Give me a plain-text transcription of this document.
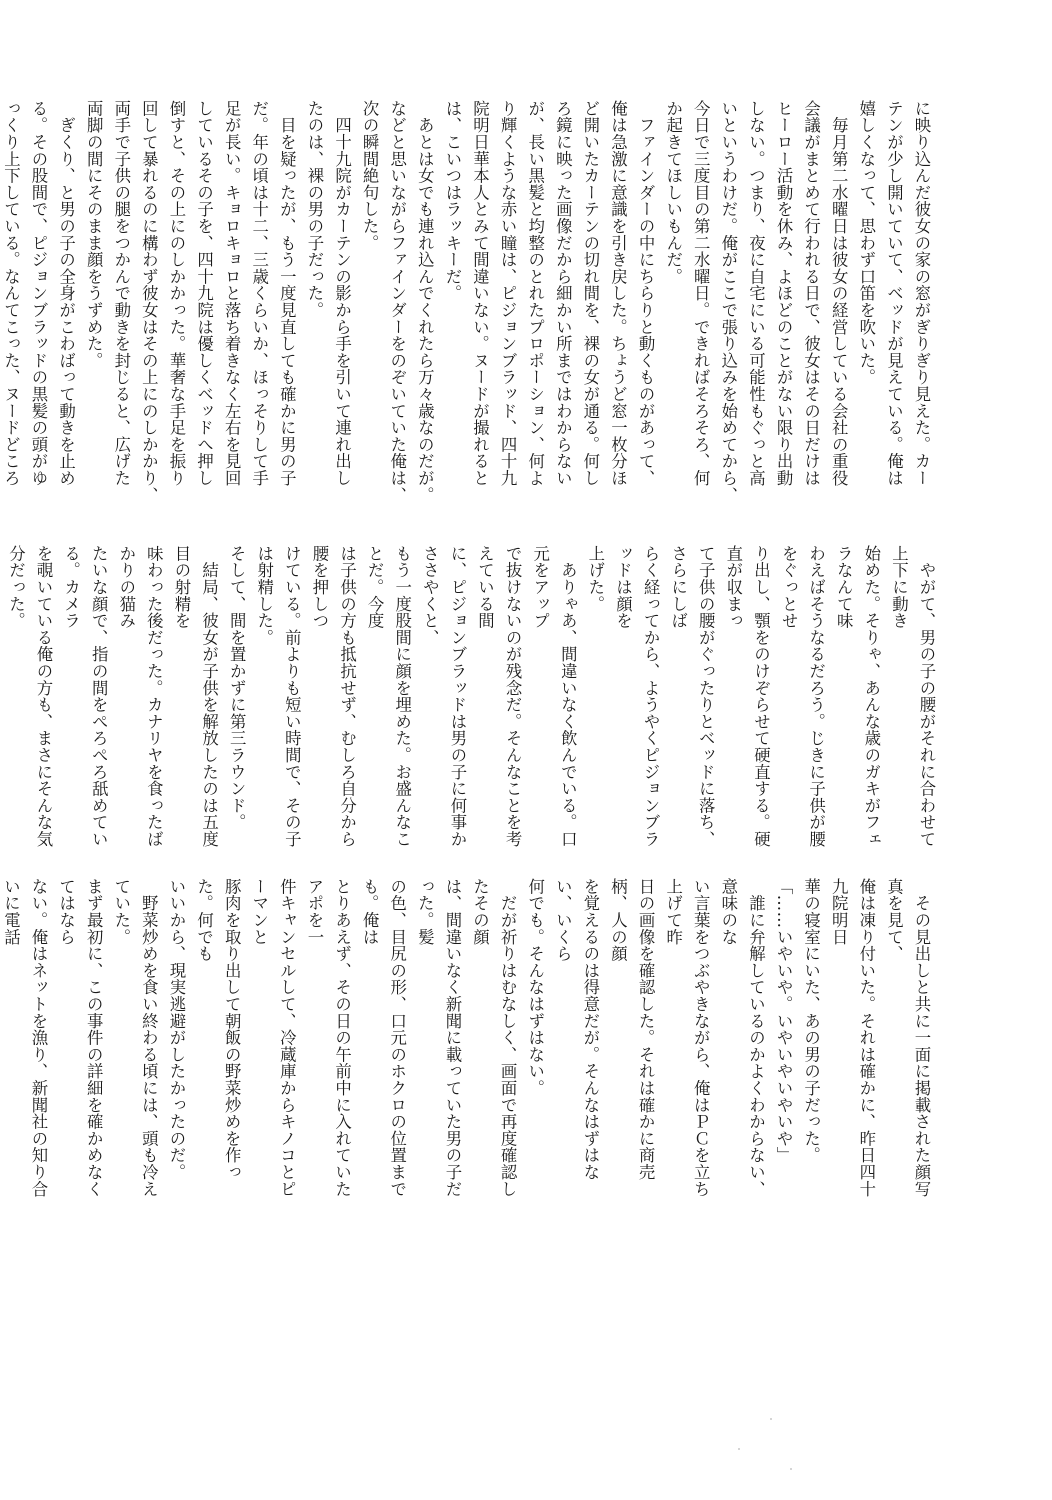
に映り込んだ彼女の家の窓がぎりぎり見えた。カー

テンが少し開いていて、ベッドが見えている。俺は

嬉しくなって、思わず口笛を吹いた。

　毎月第二水曜日は彼女の経営している会社の重役

会議がまとめて行われる日で、彼女はその日だけは

ヒーロー活動を休み、よほどのことがない限り出動

しない。つまり、夜に自宅にいる可能性もぐっと高

いというわけだ。俺がここで張り込みを始めてから、

今日で三度目の第二水曜日。できればそろそろ、何

か起きてほしいもんだ。

　ファインダーの中にちらりと動くものがあって、

俺は急激に意識を引き戻した。ちょうど窓一枚分ほ

ど開いたカーテンの切れ間を、裸の女が通る。何し

ろ鏡に映った画像だから細かい所まではわからない

が、長い黒髪と均整のとれたプロポーション、何よ

り輝くような赤い瞳は、ピジョンブラッド、四十九

院明日華本人とみて間違いない。ヌードが撮れると

は、こいつはラッキーだ。

　あとは女でも連れ込んでくれたら万々歳なのだが。

などと思いながらファインダーをのぞいていた俺は、

次の瞬間絶句した。

　四十九院がカーテンの影から手を引いて連れ出し

たのは、裸の男の子だった。

　目を疑ったが、もう一度見直しても確かに男の子

だ。年の頃は十二、三歳くらいか、ほっそりして手

足が長い。キョロキョロと落ち着きなく左右を見回

しているその子を、四十九院は優しくベッドへ押し

倒すと、その上にのしかかった。華奢な手足を振り

回して暴れるのに構わず彼女はその上にのしかかり、

両手で子供の腿をつかんで動きを封じると、広げた

両脚の間にそのまま顔をうずめた。

　ぎくり、と男の子の全身がこわばって動きを止め

る。その股間で、ピジョンブラッドの黒髪の頭がゆ

っくり上下している。なんてこった、ヌードどころ

　やがて、男の子の腰がそれに合わせて上下に動き

始めた。そりゃ、あんな歳のガキがフェラなんて味

わえばそうなるだろう。じきに子供が腰をぐっとせ

り出し、顎をのけぞらせて硬直する。硬直が収まっ

て子供の腰がぐったりとベッドに落ち、さらにしば

らく経ってから、ようやくピジョンブラッドは顔を

上げた。

　ありゃあ、間違いなく飲んでいる。口元をアップ

で抜けないのが残念だ。そんなことを考えている間

に、ピジョンブラッドは男の子に何事かささやくと、

もう一度股間に顔を埋めた。お盛んなことだ。今度

は子供の方も抵抗せず、むしろ自分から腰を押しつ

けている。前よりも短い時間で、その子は射精した。

そして、間を置かずに第三ラウンド。

　結局、彼女が子供を解放したのは五度目の射精を

味わった後だった。カナリヤを食ったばかりの猫み

たいな顔で、指の間をぺろぺろ舐めている。カメラ

を覗いている俺の方も、まさにそんな気分だった。

　その見出しと共に一面に掲載された顔写真を見て、

俺は凍り付いた。それは確かに、昨日四十九院明日

華の寝室にいた、あの男の子だった。

「……いやいや。いやいやいやいや」

　誰に弁解しているのかよくわからない、意味のな

い言葉をつぶやきながら、俺はＰＣを立ち上げて昨

日の画像を確認した。それは確かに商売柄、人の顔

を覚えるのは得意だが。そんなはずはない、いくら

何でも。そんなはずはない。

　だが祈りはむなしく、画面で再度確認したその顔

は、間違いなく新聞に載っていた男の子だった。髪

の色、目尻の形、口元のホクロの位置までも。俺は

とりあえず、その日の午前中に入れていたアポを一

件キャンセルして、冷蔵庫からキノコとピーマンと

豚肉を取り出して朝飯の野菜炒めを作った。何でも

いいから、現実逃避がしたかったのだ。

　野菜炒めを食い終わる頃には、頭も冷えていた。

まず最初に、この事件の詳細を確かめなくてはなら

ない。俺はネットを漁り、新聞社の知り合いに電話
